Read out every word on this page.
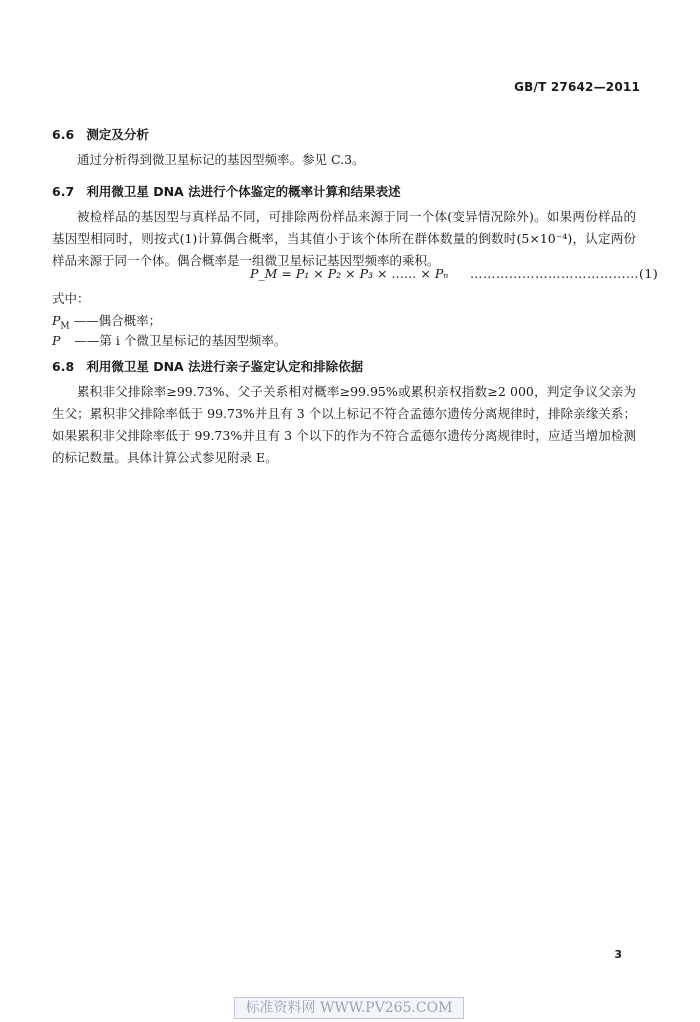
GB/T 27642—2011
6.6 测定及分析
通过分析得到微卫星标记的基因型频率。参见 C.3。
6.7 利用微卫星 DNA 法进行个体鉴定的概率计算和结果表述
被检样品的基因型与真样品不同，可排除两份样品来源于同一个体(变异情况除外)。如果两份样品的基因型相同时，则按式(1)计算偶合概率，当其值小于该个体所在群体数量的倒数时(5×10⁻⁴)，认定两份样品来源于同一个体。偶合概率是一组微卫星标记基因型频率的乘积。
P_M = P₁ × P₂ × P₃ × …… × Pₙ …………………………………(1)
式中：
$P_M$ ——偶合概率；
P ——第 i 个微卫星标记的基因型频率。
6.8 利用微卫星 DNA 法进行亲子鉴定认定和排除依据
累积非父排除率≥99.73%、父子关系相对概率≥99.95%或累积亲权指数≥2 000，判定争议父亲为生父；累积非父排除率低于 99.73%并且有 3 个以上标记不符合孟德尔遗传分离规律时，排除亲缘关系；如果累积非父排除率低于 99.73%并且有 3 个以下的作为不符合孟德尔遗传分离规律时，应适当增加检测的标记数量。具体计算公式参见附录 E。
3
标准资料网 WWW.PV265.COM
